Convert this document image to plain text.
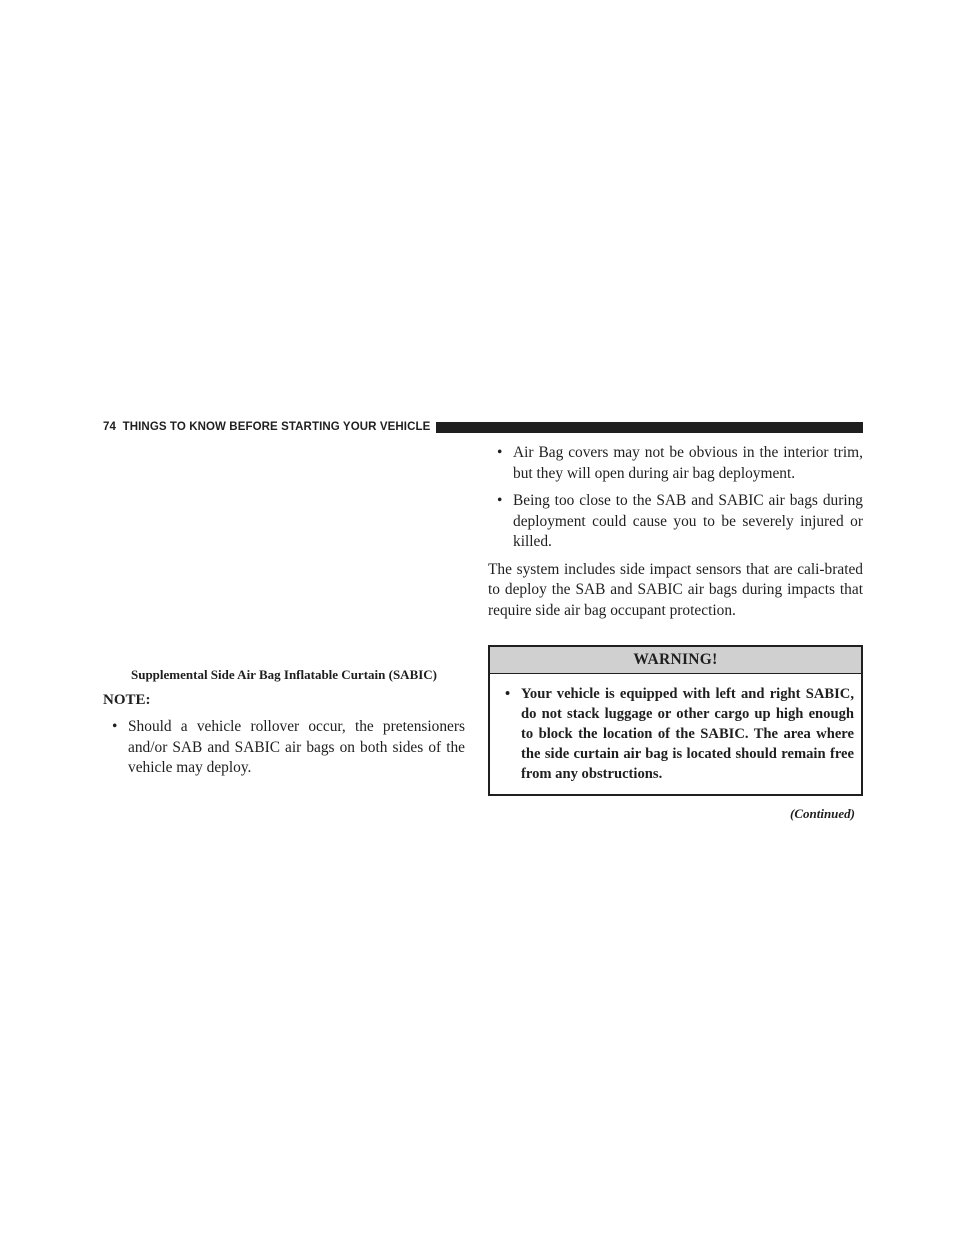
74 THINGS TO KNOW BEFORE STARTING YOUR VEHICLE

Supplemental Side Air Bag Inflatable Curtain (SABIC)

NOTE:

• Should a vehicle rollover occur, the pretensioners and/or SAB and SABIC air bags on both sides of the vehicle may deploy.
• Air Bag covers may not be obvious in the interior trim, but they will open during air bag deployment.
• Being too close to the SAB and SABIC air bags during deployment could cause you to be severely injured or killed.

The system includes side impact sensors that are cali-brated to deploy the SAB and SABIC air bags during impacts that require side air bag occupant protection.

WARNING!
• Your vehicle is equipped with left and right SABIC, do not stack luggage or other cargo up high enough to block the location of the SABIC. The area where the side curtain air bag is located should remain free from any obstructions.
(Continued)
